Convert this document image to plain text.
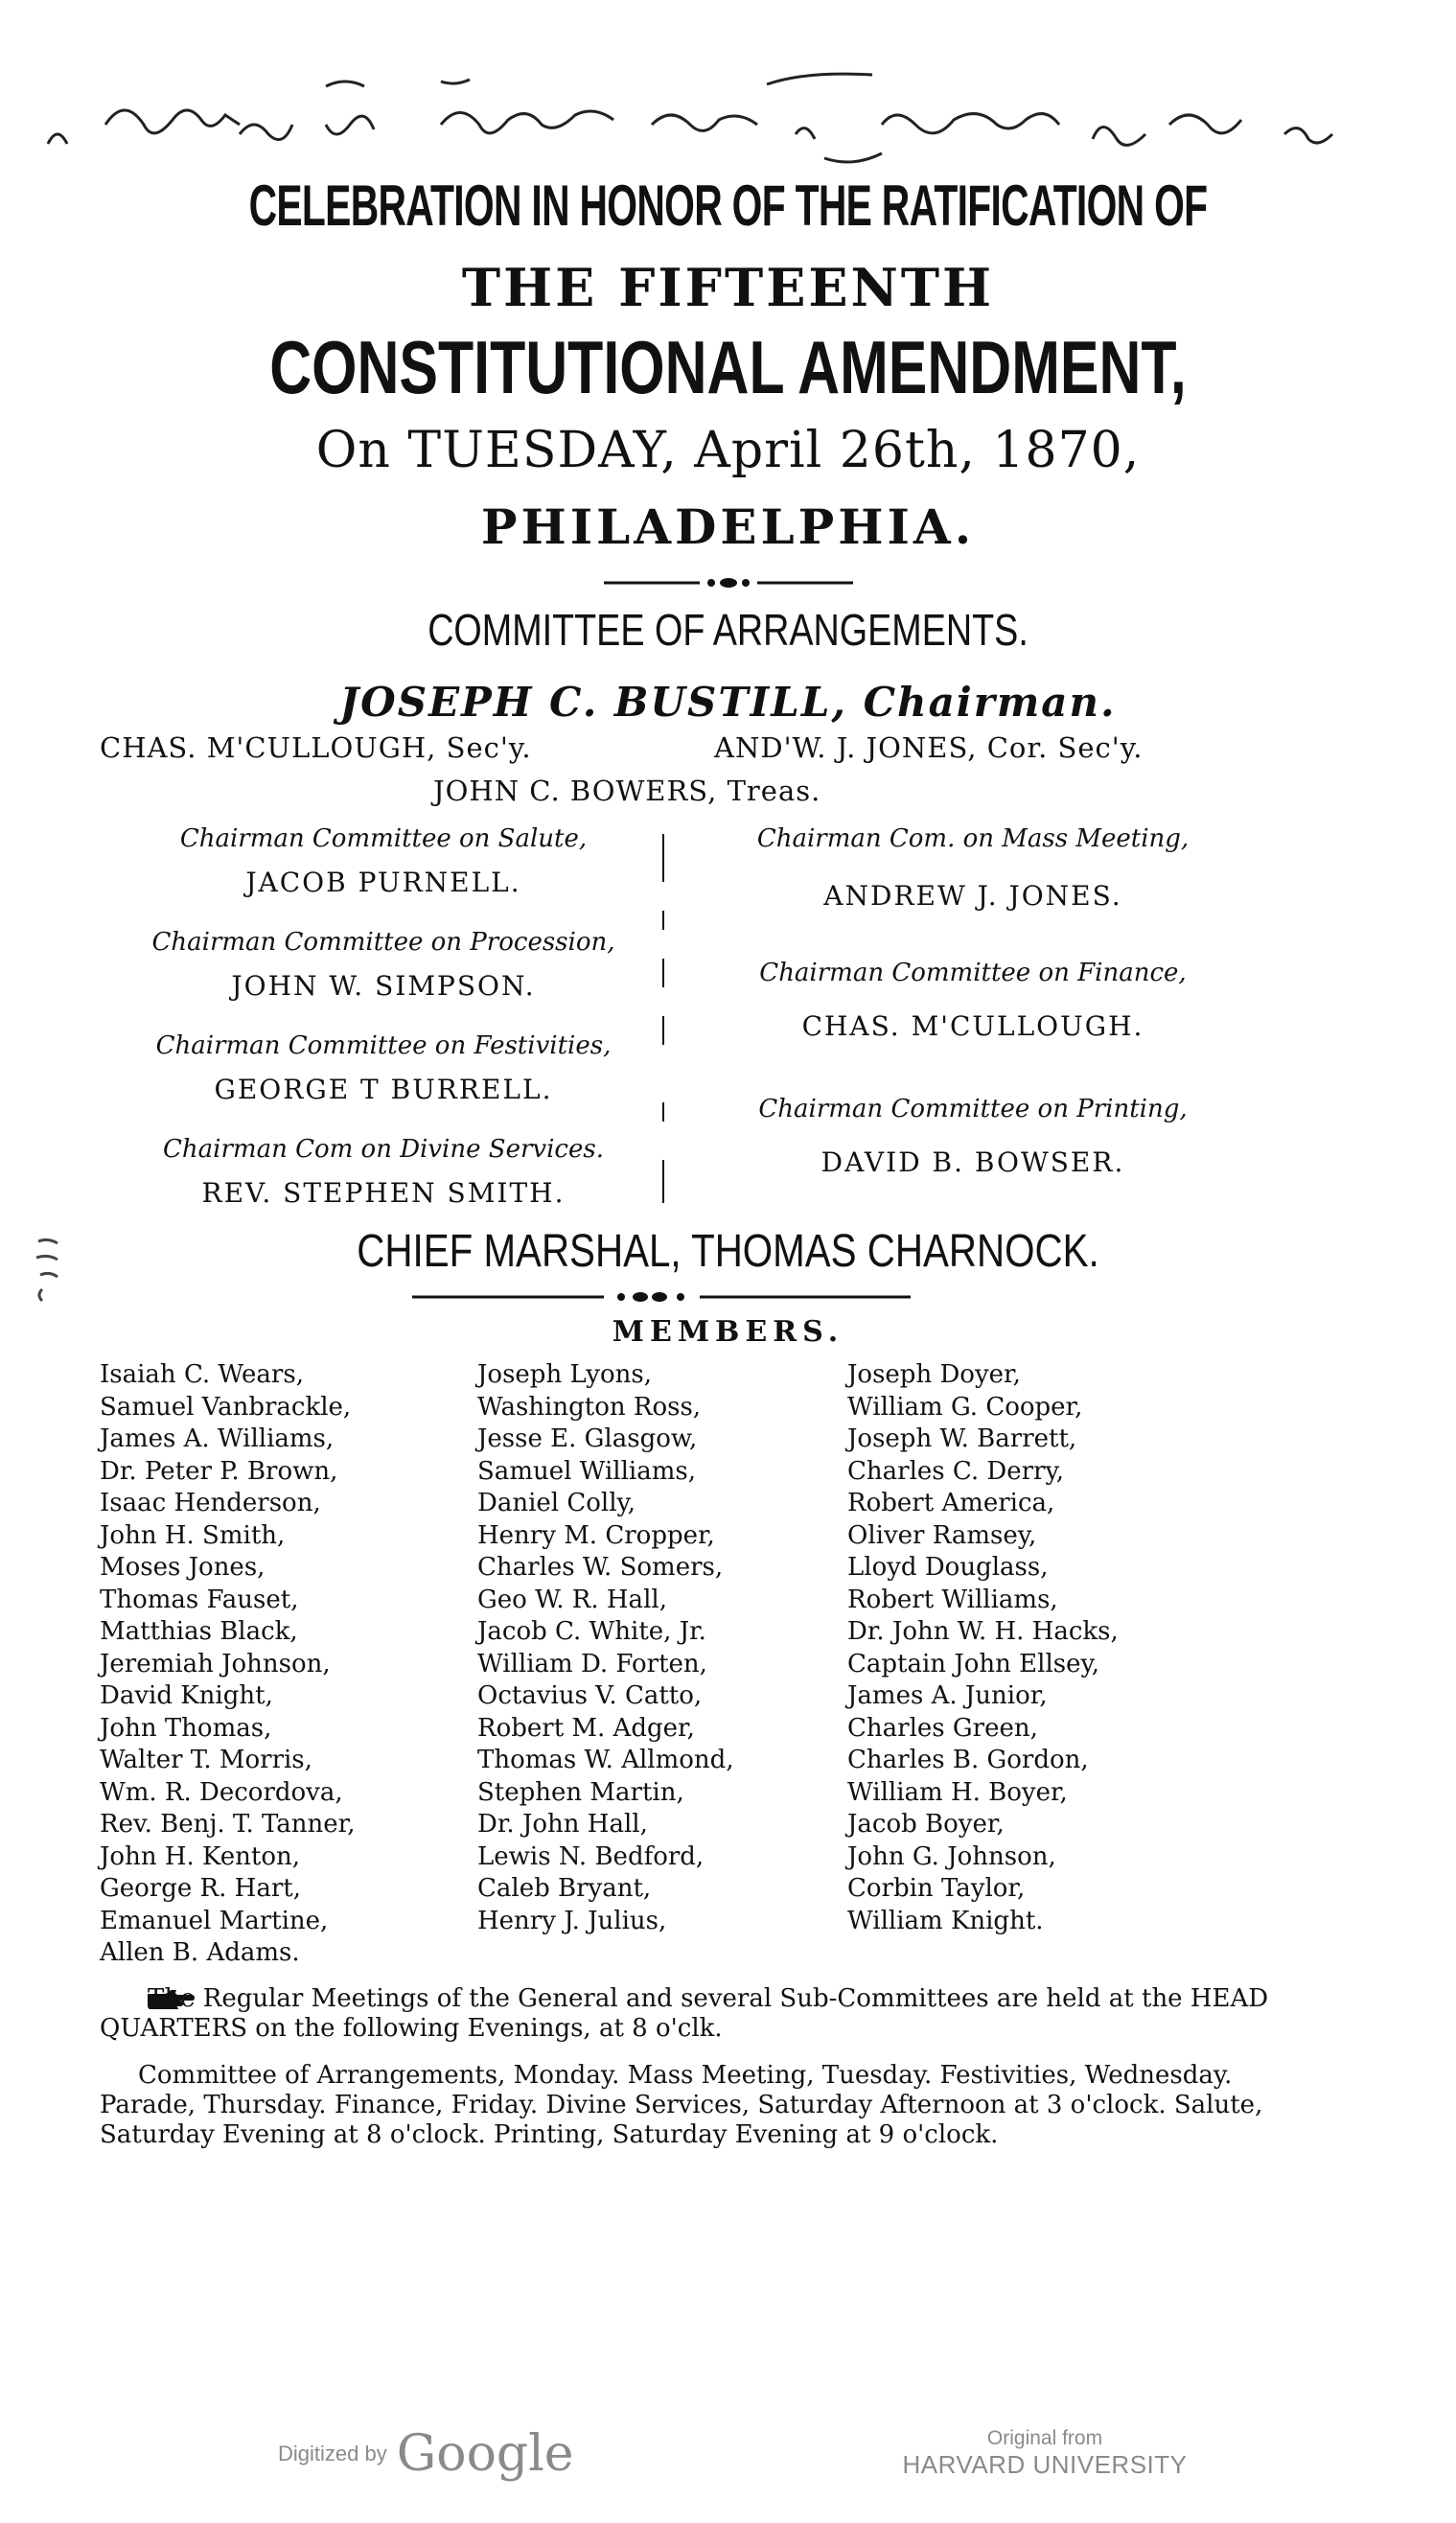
CELEBRATION IN HONOR OF THE RATIFICATION OF
THE FIFTEENTH
CONSTITUTIONAL AMENDMENT,
On TUESDAY, April 26th, 1870,
PHILADELPHIA.
COMMITTEE OF ARRANGEMENTS.
JOSEPH C. BUSTILL, Chairman.
CHAS. M'CULLOUGH, Sec'y.	AND'W. J. JONES, Cor. Sec'y.
JOHN C. BOWERS, Treas.
Chairman Committee on Salute,
JACOB PURNELL.
Chairman Committee on Procession,
JOHN W. SIMPSON.
Chairman Committee on Festivities,
GEORGE T BURRELL.
Chairman Com on Divine Services.
REV. STEPHEN SMITH.
Chairman Com. on Mass Meeting,
ANDREW J. JONES.
Chairman Committee on Finance,
CHAS. M'CULLOUGH.
Chairman Committee on Printing,
DAVID B. BOWSER.
CHIEF MARSHAL, THOMAS CHARNOCK.
MEMBERS.
Isaiah C. Wears,
Samuel Vanbrackle,
James A. Williams,
Dr. Peter P. Brown,
Isaac Henderson,
John H. Smith,
Moses Jones,
Thomas Fauset,
Matthias Black,
Jeremiah Johnson,
David Knight,
John Thomas,
Walter T. Morris,
Wm. R. Decordova,
Rev. Benj. T. Tanner,
John H. Kenton,
George R. Hart,
Emanuel Martine,
Allen B. Adams.
Joseph Lyons,
Washington Ross,
Jesse E. Glasgow,
Samuel Williams,
Daniel Colly,
Henry M. Cropper,
Charles W. Somers,
Geo W. R. Hall,
Jacob C. White, Jr.
William D. Forten,
Octavius V. Catto,
Robert M. Adger,
Thomas W. Allmond,
Stephen Martin,
Dr. John Hall,
Lewis N. Bedford,
Caleb Bryant,
Henry J. Julius,
Joseph Doyer,
William G. Cooper,
Joseph W. Barrett,
Charles C. Derry,
Robert America,
Oliver Ramsey,
Lloyd Douglass,
Robert Williams,
Dr. John W. H. Hacks,
Captain John Ellsey,
James A. Junior,
Charles Green,
Charles B. Gordon,
William H. Boyer,
Jacob Boyer,
John G. Johnson,
Corbin Taylor,
William Knight.
The Regular Meetings of the General and several Sub-Committees are held at the HEAD QUARTERS on the following Evenings, at 8 o'clk.
Committee of Arrangements, Monday. Mass Meeting, Tuesday. Festivities, Wednesday. Parade, Thursday. Finance, Friday. Divine Services, Saturday Afternoon at 3 o'clock. Salute, Saturday Evening at 8 o'clock. Printing, Saturday Evening at 9 o'clock.
Digitized by Google	Original from
HARVARD UNIVERSITY
